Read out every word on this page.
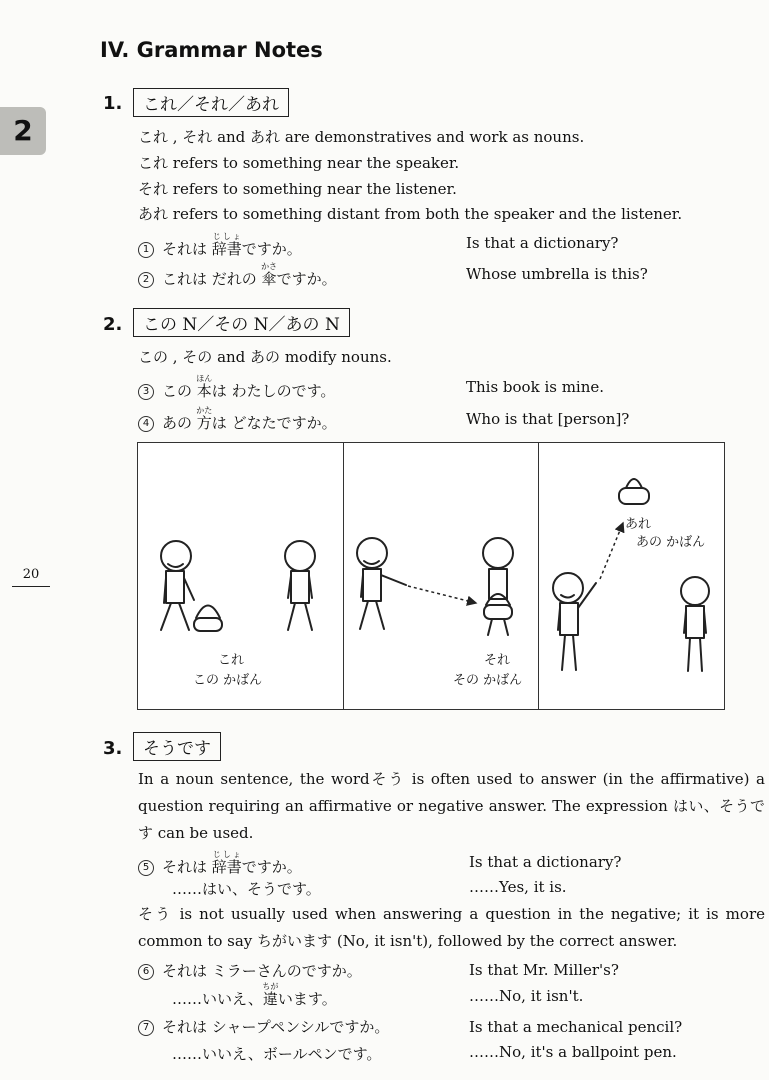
IV. Grammar Notes
2
20
1.	これ／それ／あれ
これ , それ and あれ are demonstratives and work as nouns.
これ refers to something near the speaker.
それ refers to something near the listener.
あれ refers to something distant from both the speaker and the listener.
1 それは 辞書じしょですか。	Is that a dictionary?
2 これは だれの 傘かさですか。	Whose umbrella is this?
2.	この N／その N／あの N
この , その and あの modify nouns.
3 この 本ほんは わたしのです。	This book is mine.
4 あの 方かたは どなたですか。	Who is that [person]?
これ
この かばん
それ
その かばん
あれ
あの かばん
3.	そうです
In a noun sentence, the wordそう is often used to answer (in the affirmative) a question requiring an affirmative or negative answer. The expression はい、そうです can be used.
5 それは 辞書じしょですか。	Is that a dictionary?
……はい、そうです。	……Yes, it is.
そう is not usually used when answering a question in the negative; it is more common to say ちがいます (No, it isn't), followed by the correct answer.
6 それは ミラーさんのですか。	Is that Mr. Miller's?
……いいえ、違ちがいます。	……No, it isn't.
7 それは シャープペンシルですか。	Is that a mechanical pencil?
……いいえ、ボールペンです。	……No, it's a ballpoint pen.
